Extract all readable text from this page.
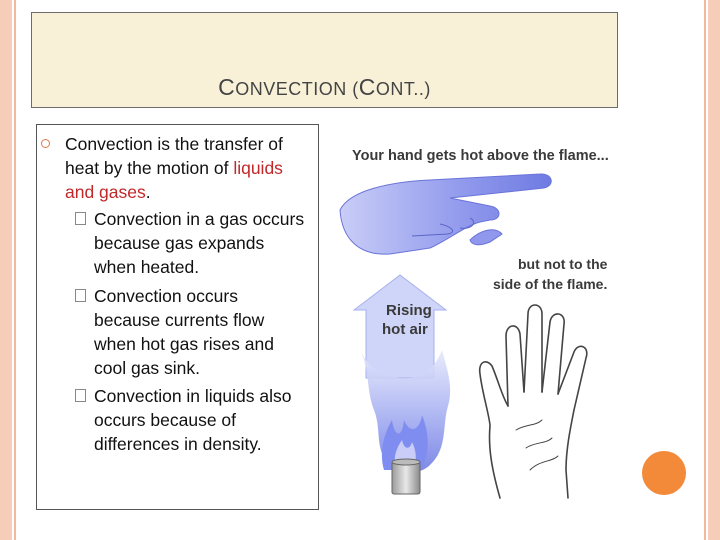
CONVECTION (CONT..)
Convection is the transfer of heat by the motion of liquids and gases.
Convection in a gas occurs because gas expands when heated.
Convection occurs because currents flow when hot gas rises and cool gas sink.
Convection in liquids also occurs because of differences in density.
Your hand gets hot above the flame...
but not to the
side of the flame.
Rising
hot air
